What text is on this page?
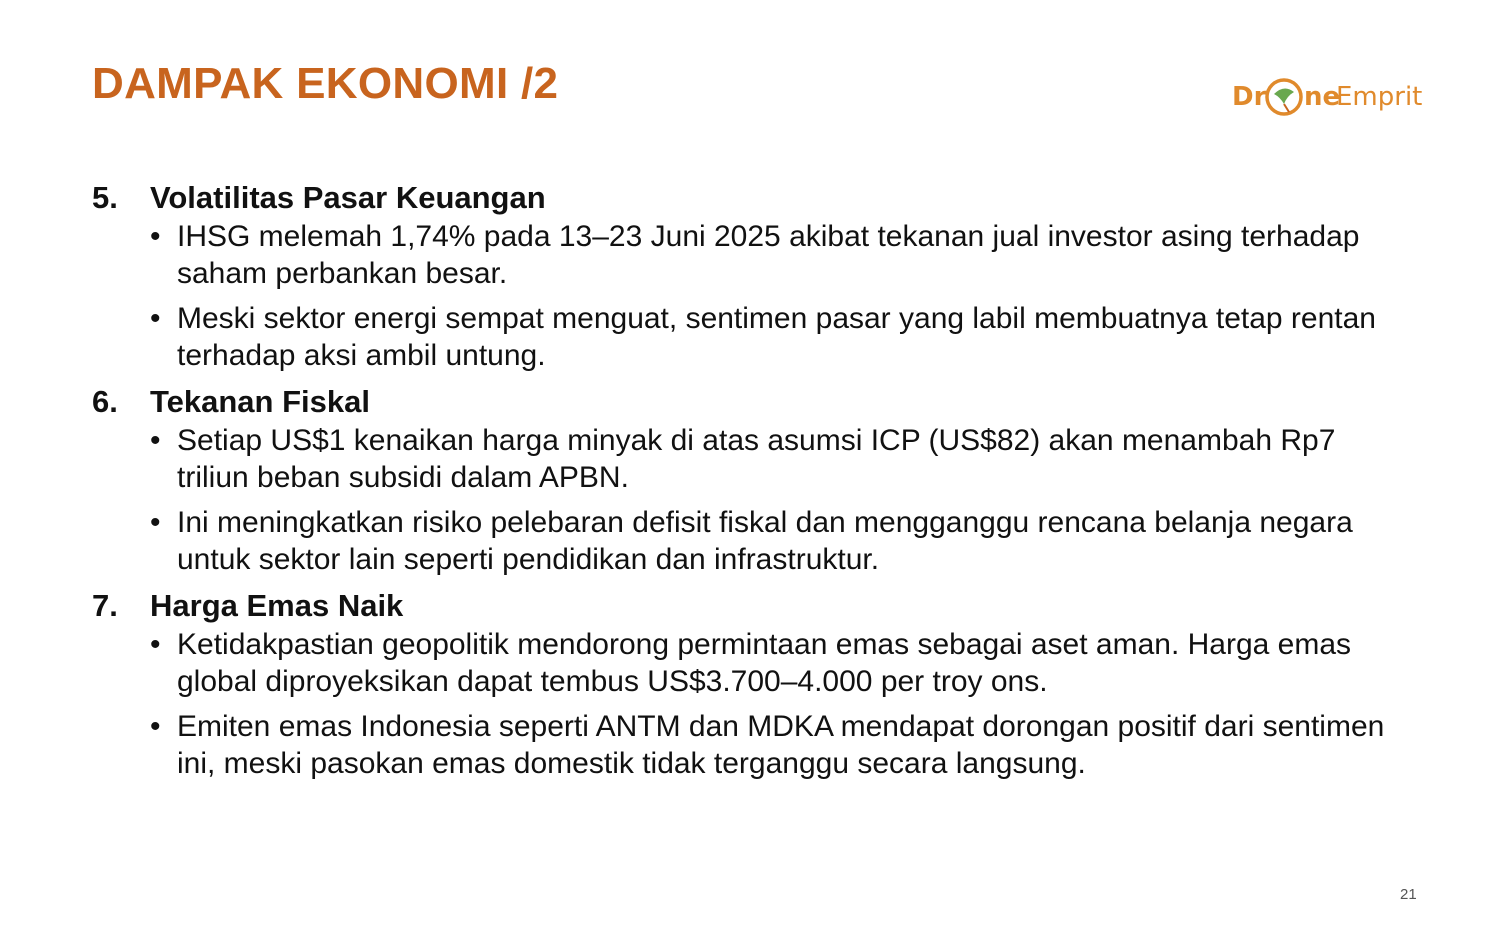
DAMPAK EKONOMI /2	Dr ne
Emprit
5.	Volatilitas Pasar Keuangan
• IHSG melemah 1,74% pada 13–23 Juni 2025 akibat tekanan jual investor asing terhadap saham perbankan besar.
• Meski sektor energi sempat menguat, sentimen pasar yang labil membuatnya tetap rentan terhadap aksi ambil untung.
6.	Tekanan Fiskal
• Setiap US$1 kenaikan harga minyak di atas asumsi ICP (US$82) akan menambah Rp7 triliun beban subsidi dalam APBN.
• Ini meningkatkan risiko pelebaran defisit fiskal dan mengganggu rencana belanja negara untuk sektor lain seperti pendidikan dan infrastruktur.
7.	Harga Emas Naik
• Ketidakpastian geopolitik mendorong permintaan emas sebagai aset aman. Harga emas global diproyeksikan dapat tembus US$3.700–4.000 per troy ons.
• Emiten emas Indonesia seperti ANTM dan MDKA mendapat dorongan positif dari sentimen ini, meski pasokan emas domestik tidak terganggu secara langsung.
21
